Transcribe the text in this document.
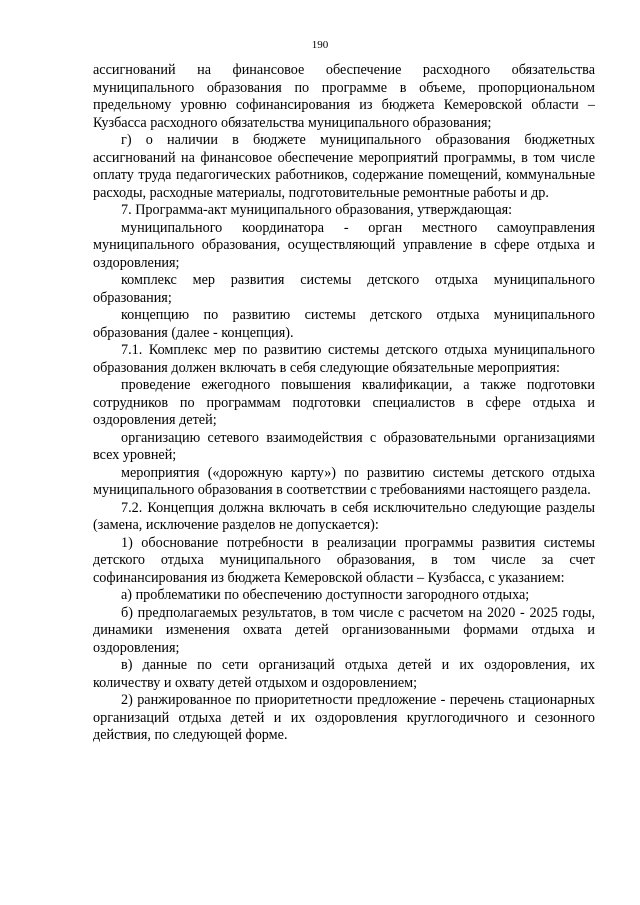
190

ассигнований на финансовое обеспечение расходного обязательства муниципального образования по программе в объеме, пропорциональном предельному уровню софинансирования из бюджета Кемеровской области – Кузбасса расходного обязательства муниципального образования;

г) о наличии в бюджете муниципального образования бюджетных ассигнований на финансовое обеспечение мероприятий программы, в том числе оплату труда педагогических работников, содержание помещений, коммунальные расходы, расходные материалы, подготовительные ремонтные работы и др.

7. Программа-акт муниципального образования, утверждающая:

муниципального координатора - орган местного самоуправления муниципального образования, осуществляющий управление в сфере отдыха и оздоровления;

комплекс мер развития системы детского отдыха муниципального образования;

концепцию по развитию системы детского отдыха муниципального образования (далее - концепция).

7.1. Комплекс мер по развитию системы детского отдыха муниципального образования должен включать в себя следующие обязательные мероприятия:

проведение ежегодного повышения квалификации, а также подготовки сотрудников по программам подготовки специалистов в сфере отдыха и оздоровления детей;

организацию сетевого взаимодействия с образовательными организациями всех уровней;

мероприятия («дорожную карту») по развитию системы детского отдыха муниципального образования в соответствии с требованиями настоящего раздела.

7.2. Концепция должна включать в себя исключительно следующие разделы (замена, исключение разделов не допускается):

1) обоснование потребности в реализации программы развития системы детского отдыха муниципального образования, в том числе за счет софинансирования из бюджета Кемеровской области – Кузбасса, с указанием:

а) проблематики по обеспечению доступности загородного отдыха;

б) предполагаемых результатов, в том числе с расчетом на 2020 - 2025 годы, динамики изменения охвата детей организованными формами отдыха и оздоровления;

в) данные по сети организаций отдыха детей и их оздоровления, их количеству и охвату детей отдыхом и оздоровлением;

2) ранжированное по приоритетности предложение - перечень стационарных организаций отдыха детей и их оздоровления круглогодичного и сезонного действия, по следующей форме.
